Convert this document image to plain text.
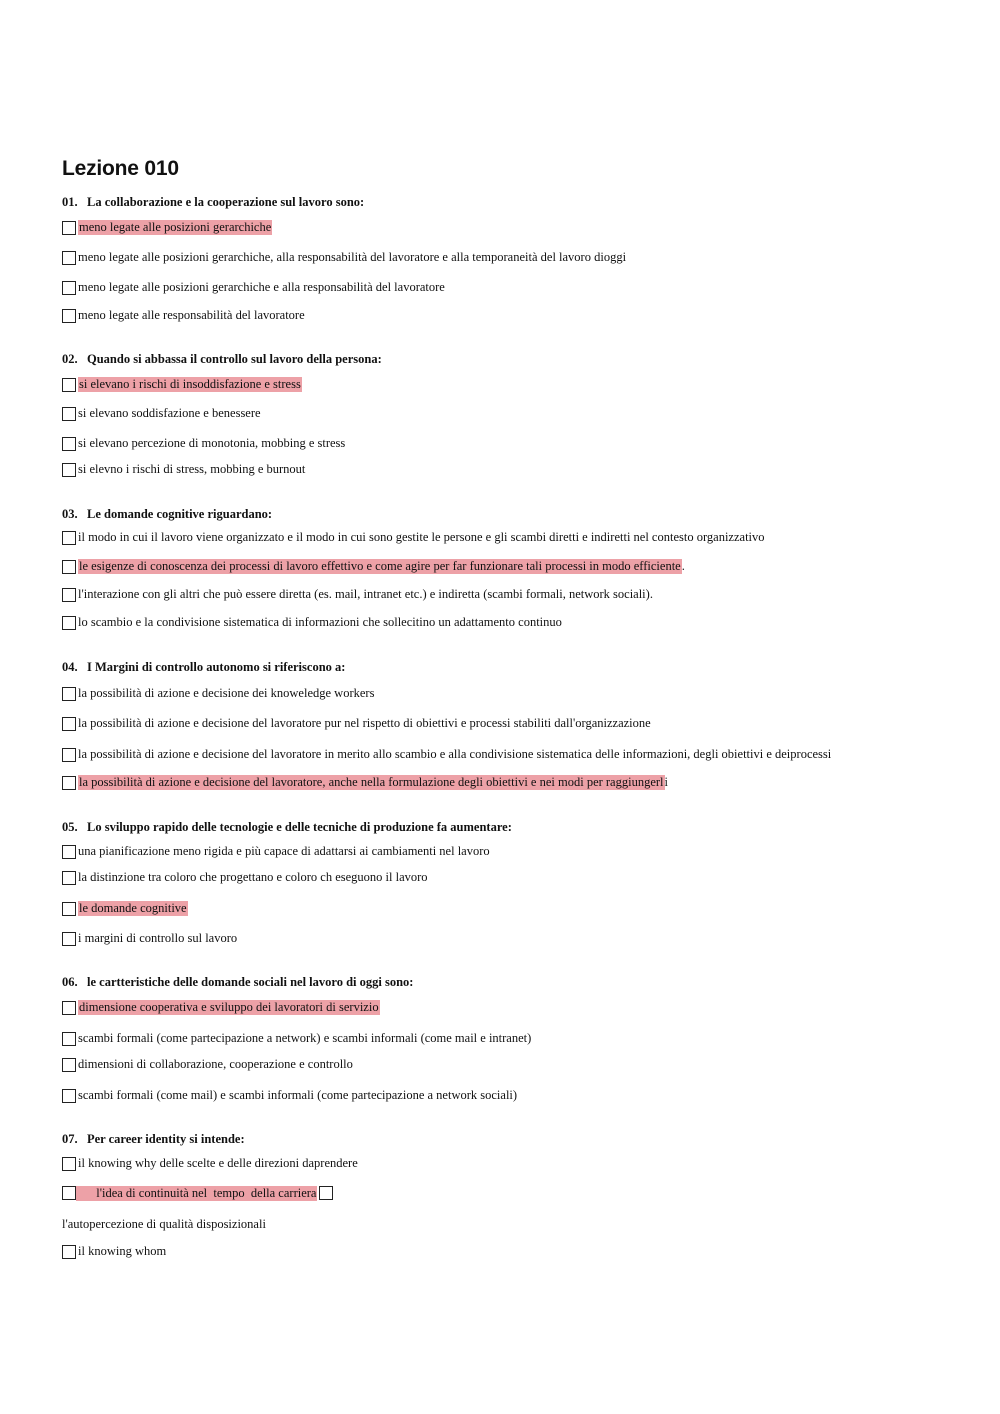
Lezione 010
01. La collaborazione e la cooperazione sul lavoro sono:
meno legate alle posizioni gerarchiche
meno legate alle posizioni gerarchiche, alla responsabilità del lavoratore e alla temporaneità del lavoro dioggi
meno legate alle posizioni gerarchiche e alla responsabilità del lavoratore
meno legate alle responsabilità del lavoratore
02. Quando si abbassa il controllo sul lavoro della persona:
si elevano i rischi di insoddisfazione e stress
si elevano soddisfazione e benessere
si elevano percezione di monotonia, mobbing e stress
si elevno i rischi di stress, mobbing e burnout
03. Le domande cognitive riguardano:
il modo in cui il lavoro viene organizzato e il modo in cui sono gestite le persone e gli scambi diretti e indiretti nel contesto organizzativo
le esigenze di conoscenza dei processi di lavoro effettivo e come agire per far funzionare tali processi in modo efficiente .
l'interazione con gli altri che può essere diretta (es. mail, intranet etc.) e indiretta (scambi formali, network sociali).
lo scambio e la condivisione sistematica di informazioni che sollecitino un adattamento continuo
04. I Margini di controllo autonomo si riferiscono a:
la possibilità di azione e decisione dei knoweledge workers
la possibilità di azione e decisione del lavoratore pur nel rispetto di obiettivi e processi stabiliti dall'organizzazione
la possibilità di azione e decisione del lavoratore in merito allo scambio e alla condivisione sistematica delle informazioni, degli obiettivi e deiprocessi
la possibilità di azione e decisione del lavoratore, anche nella formulazione degli obiettivi e nei modi per raggiungerl i
05. Lo sviluppo rapido delle tecnologie e delle tecniche di produzione fa aumentare:
una pianificazione meno rigida e più capace di adattarsi ai cambiamenti nel lavoro
la distinzione tra coloro che progettano e coloro ch eseguono il lavoro
le domande cognitive
i margini di controllo sul lavoro
06. le cartteristiche delle domande sociali nel lavoro di oggi sono:
dimensione cooperativa e sviluppo dei lavoratori di servizio
scambi formali (come partecipazione a network) e scambi informali (come mail e intranet)
dimensioni di collaborazione, cooperazione e controllo
scambi formali (come mail) e scambi informali (come partecipazione a network sociali)
07. Per career identity si intende:
il knowing why delle scelte e delle direzioni daprendere
l'idea di continuità nel  tempo  della carriera
l'autopercezione di qualità disposizionali
il knowing whom
